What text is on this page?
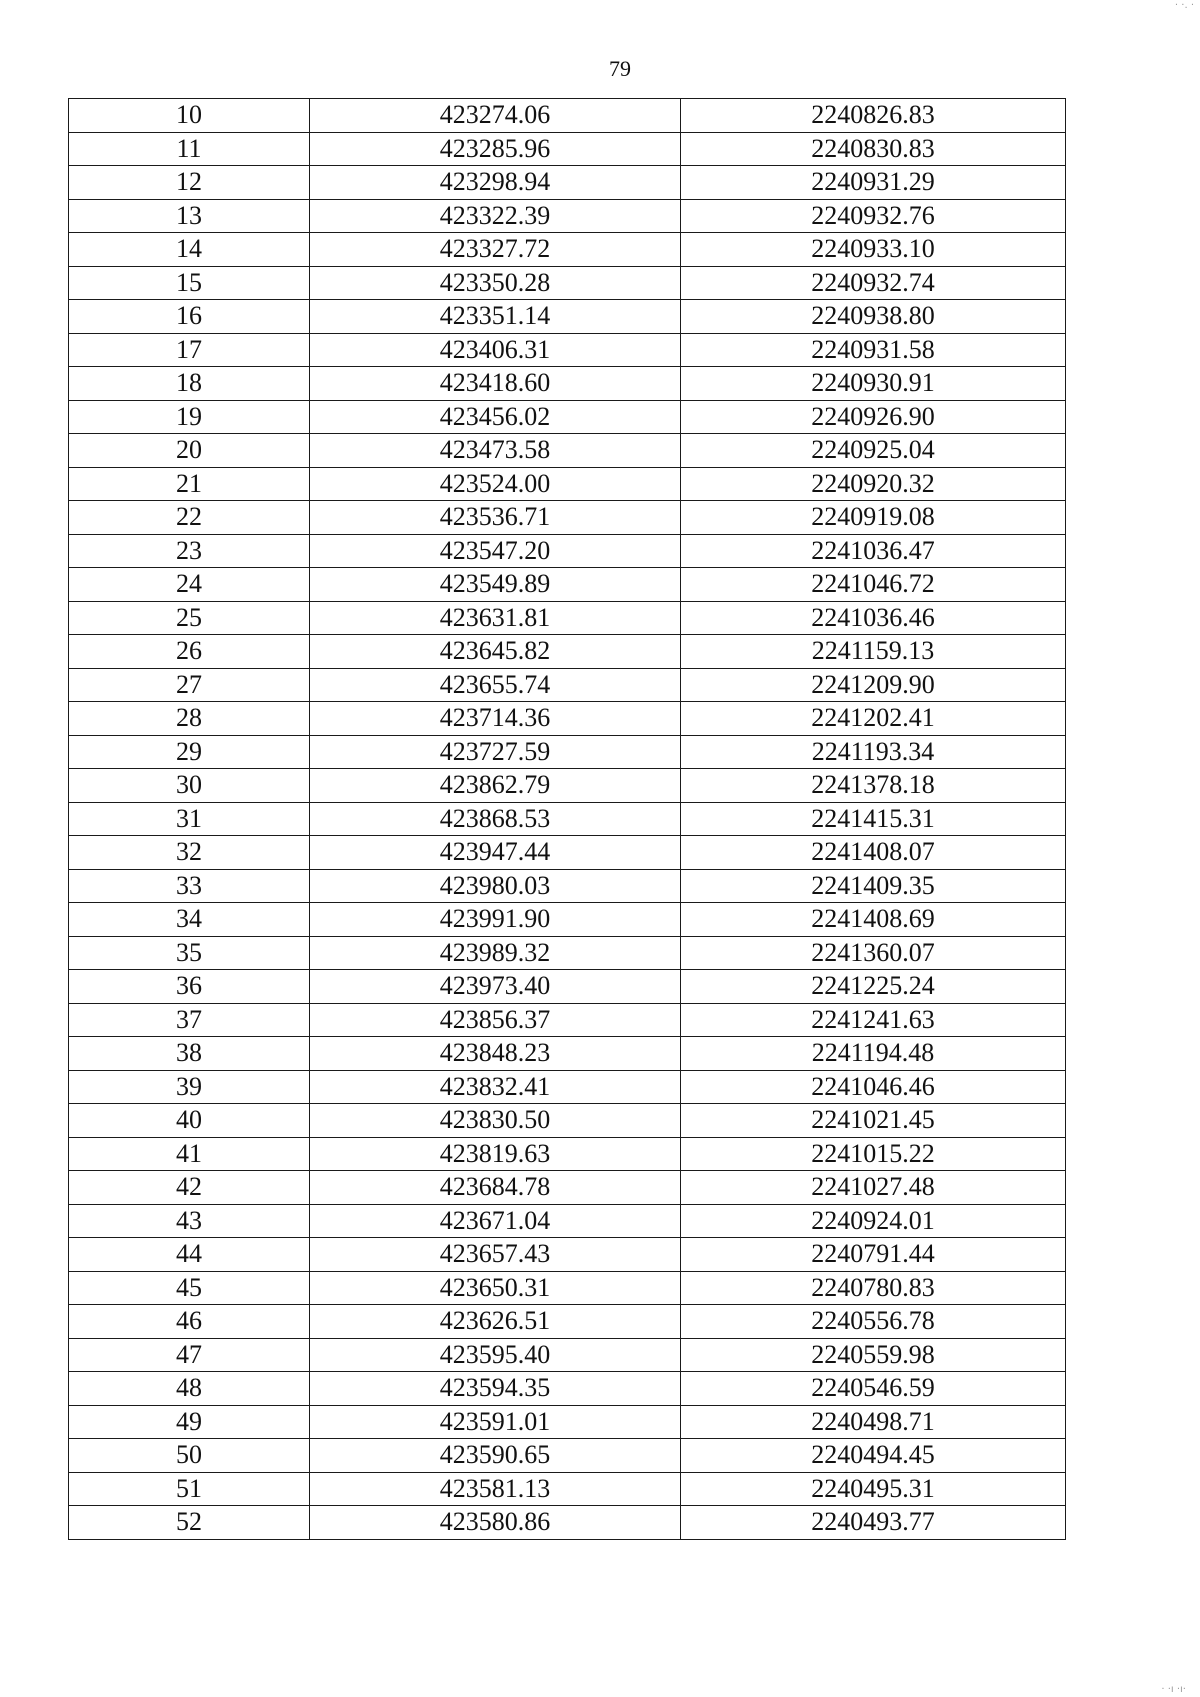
79
10	423274.06	2240826.83
11	423285.96	2240830.83
12	423298.94	2240931.29
13	423322.39	2240932.76
14	423327.72	2240933.10
15	423350.28	2240932.74
16	423351.14	2240938.80
17	423406.31	2240931.58
18	423418.60	2240930.91
19	423456.02	2240926.90
20	423473.58	2240925.04
21	423524.00	2240920.32
22	423536.71	2240919.08
23	423547.20	2241036.47
24	423549.89	2241046.72
25	423631.81	2241036.46
26	423645.82	2241159.13
27	423655.74	2241209.90
28	423714.36	2241202.41
29	423727.59	2241193.34
30	423862.79	2241378.18
31	423868.53	2241415.31
32	423947.44	2241408.07
33	423980.03	2241409.35
34	423991.90	2241408.69
35	423989.32	2241360.07
36	423973.40	2241225.24
37	423856.37	2241241.63
38	423848.23	2241194.48
39	423832.41	2241046.46
40	423830.50	2241021.45
41	423819.63	2241015.22
42	423684.78	2241027.48
43	423671.04	2240924.01
44	423657.43	2240791.44
45	423650.31	2240780.83
46	423626.51	2240556.78
47	423595.40	2240559.98
48	423594.35	2240546.59
49	423591.01	2240498.71
50	423590.65	2240494.45
51	423581.13	2240495.31
52	423580.86	2240493.77
· ·. ·
· ·ı ·ı·
